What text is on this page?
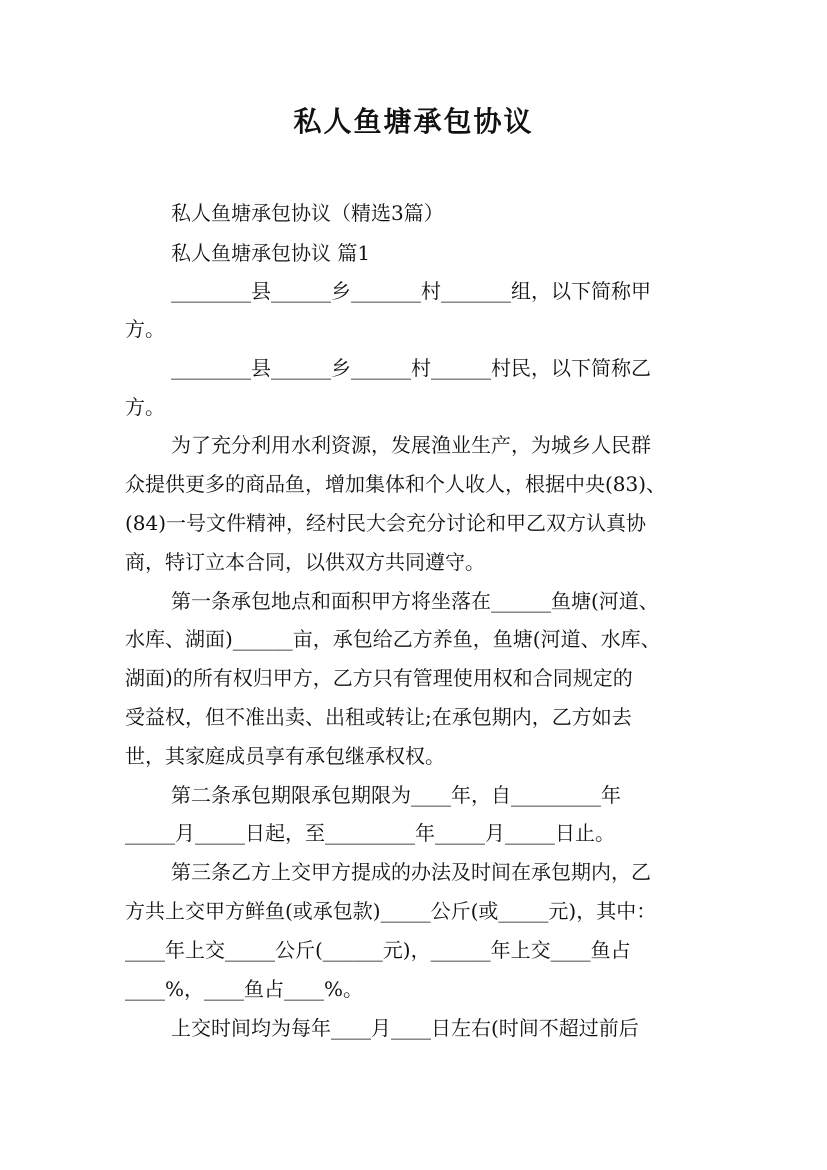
私人鱼塘承包协议
私人鱼塘承包协议（精选3篇）
私人鱼塘承包协议 篇1
________县______乡_______村_______组，以下简称甲
方。
________县______乡______村______村民，以下简称乙
方。
为了充分利用水利资源，发展渔业生产，为城乡人民群
众提供更多的商品鱼，增加集体和个人收人，根据中央(83)、
(84)一号文件精神，经村民大会充分讨论和甲乙双方认真协
商，特订立本合同，以供双方共同遵守。
第一条承包地点和面积甲方将坐落在______鱼塘(河道、
水库、湖面)______亩，承包给乙方养鱼，鱼塘(河道、水库、
湖面)的所有权归甲方，乙方只有管理使用权和合同规定的
受益权，但不准出卖、出租或转让;在承包期内，乙方如去
世，其家庭成员享有承包继承权权。
第二条承包期限承包期限为____年，自_________年
_____月_____日起，至_________年_____月_____日止。
第三条乙方上交甲方提成的办法及时间在承包期内，乙
方共上交甲方鲜鱼(或承包款)_____公斤(或_____元)，其中：
____年上交_____公斤(______元)，______年上交____鱼占
____%，____鱼占____%。
上交时间均为每年____月____日左右(时间不超过前后
